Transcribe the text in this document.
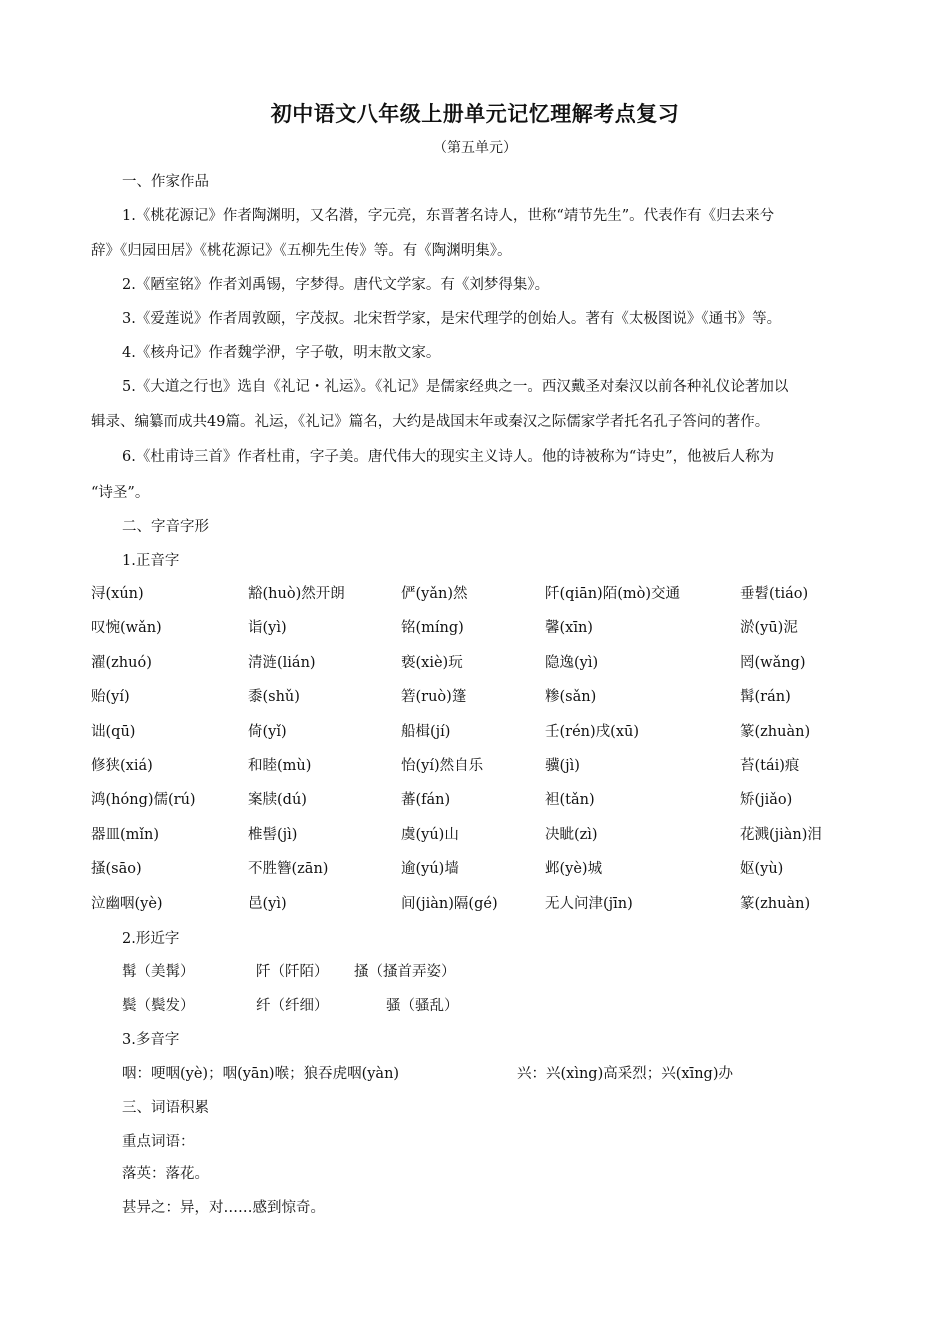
初中语文八年级上册单元记忆理解考点复习
（第五单元）
一、作家作品
1.《桃花源记》作者陶渊明，又名潜，字元亮，东晋著名诗人，世称“靖节先生”。代表作有《归去来兮
辞》《归园田居》《桃花源记》《五柳先生传》等。有《陶渊明集》。
2.《陋室铭》作者刘禹锡，字梦得。唐代文学家。有《刘梦得集》。
3.《爱莲说》作者周敦颐，字茂叔。北宋哲学家，是宋代理学的创始人。著有《太极图说》《通书》等。
4.《核舟记》作者魏学洢，字子敬，明末散文家。
5.《大道之行也》选自《礼记・礼运》。《礼记》是儒家经典之一。西汉戴圣对秦汉以前各种礼仪论著加以
辑录、编纂而成共49篇。礼运，《礼记》篇名，大约是战国末年或秦汉之际儒家学者托名孔子答问的著作。
6.《杜甫诗三首》作者杜甫，字子美。唐代伟大的现实主义诗人。他的诗被称为“诗史”，他被后人称为
“诗圣”。
二、字音字形
1.正音字
浔(xún)	豁(huò)然开朗	俨(yǎn)然	阡(qiān)陌(mò)交通	垂髫(tiáo)
叹惋(wǎn)	诣(yì)	铭(míng)	馨(xīn)	淤(yū)泥
濯(zhuó)	清涟(lián)	亵(xiè)玩	隐逸(yì)	罔(wǎng)
贻(yí)	黍(shǔ)	箬(ruò)篷	糁(sǎn)	髯(rán)
诎(qū)	倚(yǐ)	船楫(jí)	壬(rén)戌(xū)	篆(zhuàn)
修狭(xiá)	和睦(mù)	怡(yí)然自乐	骥(jì)	苔(tái)痕
鸿(hóng)儒(rú)	案牍(dú)	蕃(fán)	袒(tǎn)	矫(jiǎo)
器皿(mǐn)	椎髻(jì)	虞(yú)山	决眦(zì)	花溅(jiàn)泪
搔(sāo)	不胜簪(zān)	逾(yú)墙	邺(yè)城	妪(yù)
泣幽咽(yè)	邑(yì)	间(jiàn)隔(gé)	无人问津(jīn)	篆(zhuàn)
2.形近字
髯（美髯）	阡（阡陌） 搔（搔首弄姿）
鬓（鬓发）	纤（纤细）	骚（骚乱）
3.多音字
咽：哽咽(yè)；咽(yān)喉；狼吞虎咽(yàn)	兴：兴(xìng)高采烈；兴(xīng)办
三、词语积累
重点词语：
落英：落花。
甚异之：异，对……感到惊奇。
